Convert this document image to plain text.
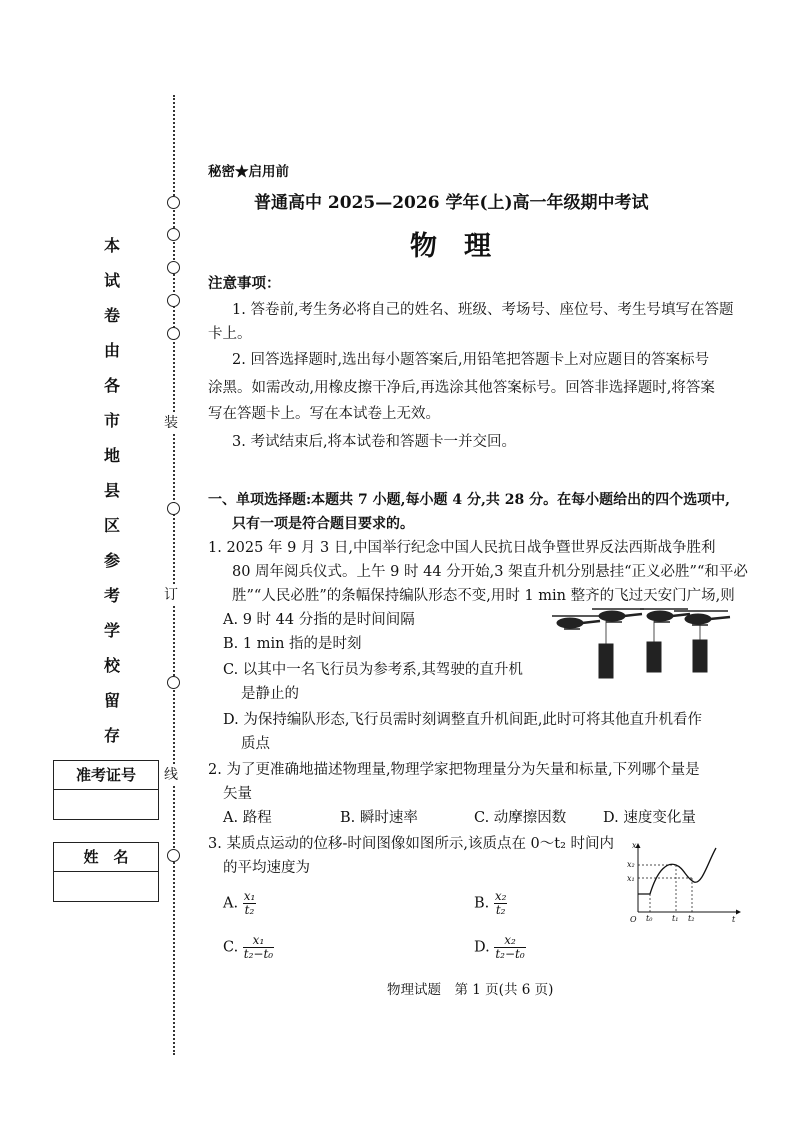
装
订
线
本
试
卷
由
各
市
地
县
区
参
考
学
校
留
存
准考证号
姓　名
秘密★启用前
普通高中 2025—2026 学年(上)高一年级期中考试
物　理
注意事项：
1. 答卷前,考生务必将自己的姓名、班级、考场号、座位号、考生号填写在答题
卡上。
2. 回答选择题时,选出每小题答案后,用铅笔把答题卡上对应题目的答案标号
涂黑。如需改动,用橡皮擦干净后,再选涂其他答案标号。回答非选择题时,将答案
写在答题卡上。写在本试卷上无效。
3. 考试结束后,将本试卷和答题卡一并交回。
一、单项选择题:本题共 7 小题,每小题 4 分,共 28 分。在每小题给出的四个选项中,
只有一项是符合题目要求的。
1. 2025 年 9 月 3 日,中国举行纪念中国人民抗日战争暨世界反法西斯战争胜利
80 周年阅兵仪式。上午 9 时 44 分开始,3 架直升机分别悬挂“正义必胜”“和平必
胜”“人民必胜”的条幅保持编队形态不变,用时 1 min 整齐的飞过天安门广场,则
A. 9 时 44 分指的是时间间隔
B. 1 min 指的是时刻
C. 以其中一名飞行员为参考系,其驾驶的直升机
是静止的
D. 为保持编队形态,飞行员需时刻调整直升机间距,此时可将其他直升机看作
质点
2. 为了更准确地描述物理量,物理学家把物理量分为矢量和标量,下列哪个量是
矢量
A. 路程	B. 瞬时速率	C. 动摩擦因数	D. 速度变化量
3. 某质点运动的位移-时间图像如图所示,该质点在 0～t₂ 时间内
的平均速度为
A. $\frac{\text{x₁}}{\text{t₂}}$	B. $\frac{\text{x₂}}{\text{t₂}}$
C. $\frac{\text{x₁}}{\text{t₂−t₀}}$	D. $\frac{\text{x₂}}{\text{t₂−t₀}}$
x
x₂
x₁
O t₀ t₁ t₂	t
物理试题　第 1 页(共 6 页)
